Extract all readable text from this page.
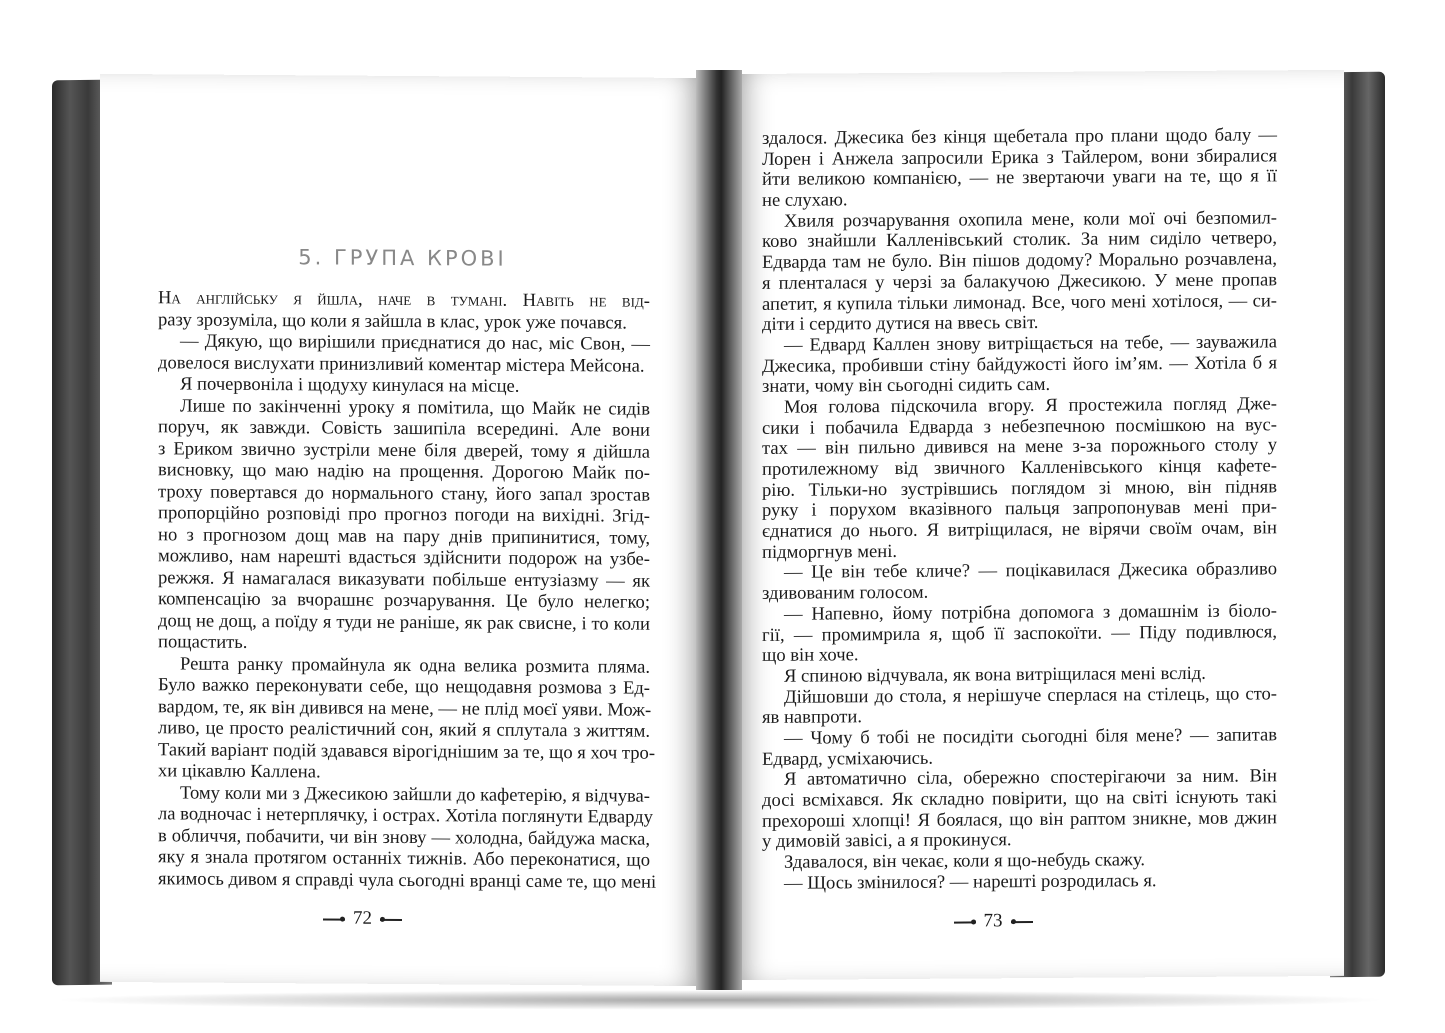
5. ГРУПА КРОВІ
На англійську я йшла, наче в тумані. Навіть не від-
разу зрозуміла, що коли я зайшла в клас, урок уже почався.
— Дякую, що вирішили приєднатися до нас, міс Свон, —
довелося вислухати принизливий коментар містера Мейсона.
Я почервоніла і щодуху кинулася на місце.
Лише по закінченні уроку я помітила, що Майк не сидів
поруч, як завжди. Совість зашипіла всередині. Але вони
з Ериком звично зустріли мене біля дверей, тому я дійшла
висновку, що маю надію на прощення. Дорогою Майк по-
троху повертався до нормального стану, його запал зростав
пропорційно розповіді про прогноз погоди на вихідні. Згід-
но з прогнозом дощ мав на пару днів припинитися, тому,
можливо, нам нарешті вдасться здійснити подорож на узбе-
режжя. Я намагалася виказувати побільше ентузіазму — як
компенсацію за вчорашнє розчарування. Це було нелегко;
дощ не дощ, а поїду я туди не раніше, як рак свисне, і то коли
пощастить.
Решта ранку промайнула як одна велика розмита пляма.
Було важко переконувати себе, що нещодавня розмова з Ед-
вардом, те, як він дивився на мене, — не плід моєї уяви. Мож-
ливо, це просто реалістичний сон, який я сплутала з життям.
Такий варіант подій здавався вірогіднішим за те, що я хоч тро-
хи цікавлю Каллена.
Тому коли ми з Джесикою зайшли до кафетерію, я відчува-
ла водночас і нетерплячку, і острах. Хотіла поглянути Едварду
в обличчя, побачити, чи він знову — холодна, байдужа маска,
яку я знала протягом останніх тижнів. Або переконатися, що
якимось дивом я справді чула сьогодні вранці саме те, що мені
72
здалося. Джесика без кінця щебетала про плани щодо балу —
Лорен і Анжела запросили Ерика з Тайлером, вони збиралися
йти великою компанією, — не звертаючи уваги на те, що я її
не слухаю.
Хвиля розчарування охопила мене, коли мої очі безпомил-
ково знайшли Калленівський столик. За ним сиділо четверо,
Едварда там не було. Він пішов додому? Морально розчавлена,
я пленталася у черзі за балакучою Джесикою. У мене пропав
апетит, я купила тільки лимонад. Все, чого мені хотілося, — си-
діти і сердито дутися на ввесь світ.
— Едвард Каллен знову витріщається на тебе, — зауважила
Джесика, пробивши стіну байдужості його ім’ям. — Хотіла б я
знати, чому він сьогодні сидить сам.
Моя голова підскочила вгору. Я простежила погляд Дже-
сики і побачила Едварда з небезпечною посмішкою на вус-
тах — він пильно дивився на мене з-за порожнього столу у
протилежному від звичного Калленівського кінця кафете-
рію. Тільки-но зустрівшись поглядом зі мною, він підняв
руку і порухом вказівного пальця запропонував мені при-
єднатися до нього. Я витріщилася, не вірячи своїм очам, він
підморгнув мені.
— Це він тебе кличе? — поцікавилася Джесика образливо
здивованим голосом.
— Напевно, йому потрібна допомога з домашнім із біоло-
гії, — промимрила я, щоб її заспокоїти. — Піду подивлюся,
що він хоче.
Я спиною відчувала, як вона витріщилася мені вслід.
Дійшовши до стола, я нерішуче сперлася на стілець, що сто-
яв навпроти.
— Чому б тобі не посидіти сьогодні біля мене? — запитав
Едвард, усміхаючись.
Я автоматично сіла, обережно спостерігаючи за ним. Він
досі всміхався. Як складно повірити, що на світі існують такі
прехороші хлопці! Я боялася, що він раптом зникне, мов джин
у димовій завісі, а я прокинуся.
Здавалося, він чекає, коли я що-небудь скажу.
— Щось змінилося? — нарешті розродилась я.
73
